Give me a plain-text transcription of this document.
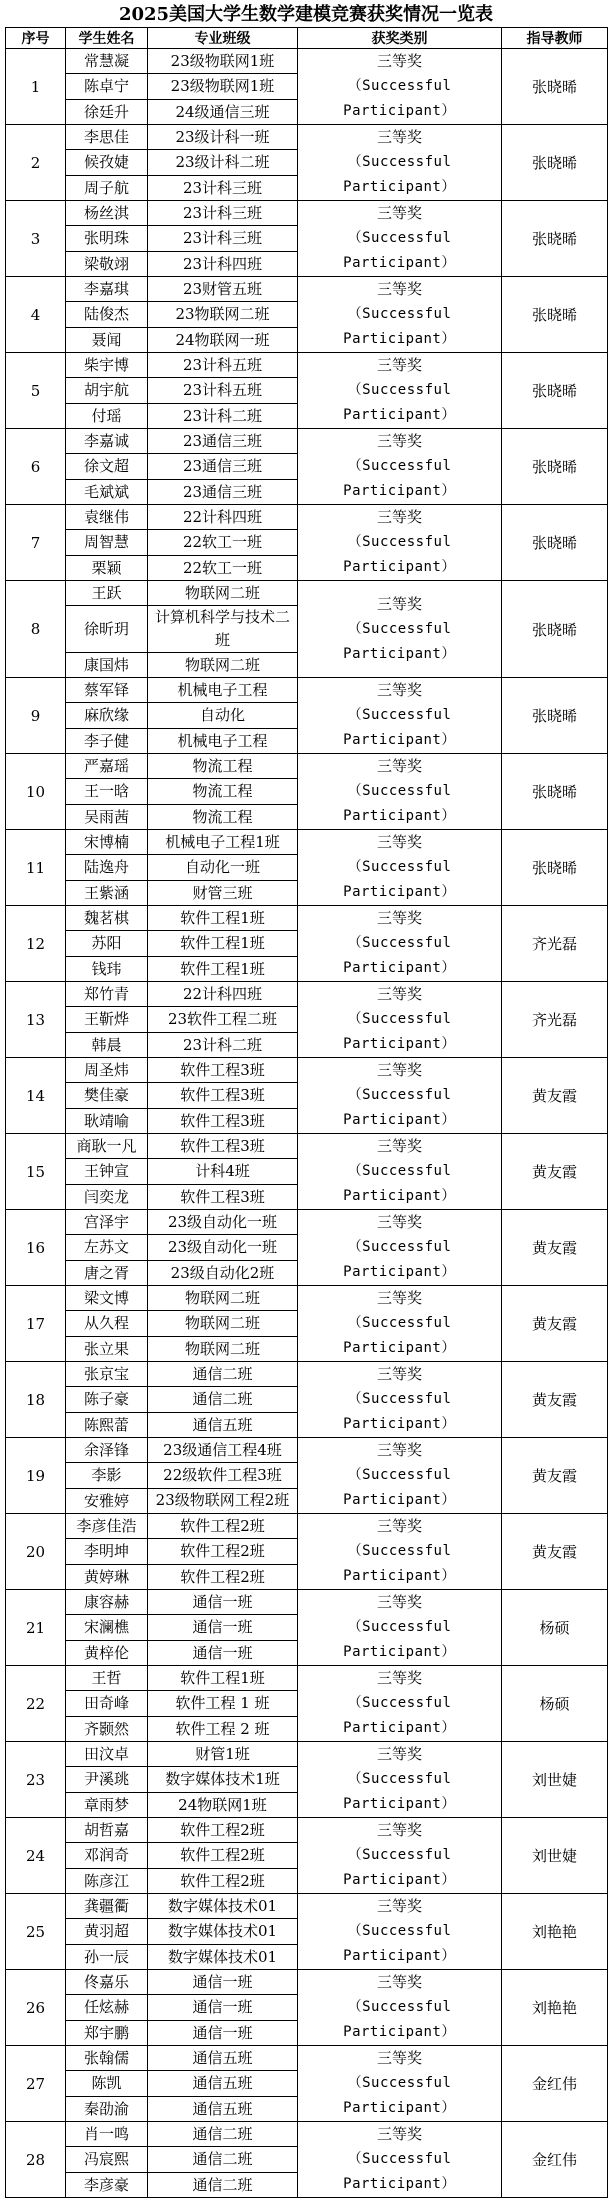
2025美国大学生数学建模竞赛获奖情况一览表
序号	学生姓名	专业班级	获奖类别	指导教师
1	常慧凝	23级物联网1班	三等奖
（Successful
Participant）	张晓晞
	陈卓宁	23级物联网1班		
	徐廷升	24级通信三班		
2	李思佳	23级计科一班	三等奖
（Successful
Participant）	张晓晞
	候孜婕	23级计科二班		
	周子航	23计科三班		
3	杨丝淇	23计科三班	三等奖
（Successful
Participant）	张晓晞
	张明珠	23计科三班		
	梁敬翊	23计科四班		
4	李嘉琪	23财管五班	三等奖
（Successful
Participant）	张晓晞
	陆俊杰	23物联网二班		
	聂闻	24物联网一班		
5	柴宇博	23计科五班	三等奖
（Successful
Participant）	张晓晞
	胡宇航	23计科五班		
	付瑶	23计科二班		
6	李嘉诚	23通信三班	三等奖
（Successful
Participant）	张晓晞
	徐文超	23通信三班		
	毛斌斌	23通信三班		
7	袁继伟	22计科四班	三等奖
（Successful
Participant）	张晓晞
	周智慧	22软工一班		
	栗颖	22软工一班		
8	王跃	物联网二班	三等奖
（Successful
Participant）	张晓晞
	徐昕玥	计算机科学与技术二班		
	康国炜	物联网二班		
9	蔡军铎	机械电子工程	三等奖
（Successful
Participant）	张晓晞
	麻欣缘	自动化		
	李子健	机械电子工程		
10	严嘉瑶	物流工程	三等奖
（Successful
Participant）	张晓晞
	王一晗	物流工程		
	吴雨茜	物流工程		
11	宋博楠	机械电子工程1班	三等奖
（Successful
Participant）	张晓晞
	陆逸舟	自动化一班		
	王紫涵	财管三班		
12	魏茗棋	软件工程1班	三等奖
（Successful
Participant）	齐光磊
	苏阳	软件工程1班		
	钱玮	软件工程1班		
13	郑竹青	22计科四班	三等奖
（Successful
Participant）	齐光磊
	王靳烨	23软件工程二班		
	韩晨	23计科二班		
14	周圣炜	软件工程3班	三等奖
（Successful
Participant）	黄友霞
	樊佳豪	软件工程3班		
	耿靖喻	软件工程3班		
15	商耿一凡	软件工程3班	三等奖
（Successful
Participant）	黄友霞
	王钟宣	计科4班		
	闫奕龙	软件工程3班		
16	宫泽宇	23级自动化一班	三等奖
（Successful
Participant）	黄友霞
	左苏文	23级自动化一班		
	唐之胥	23级自动化2班		
17	梁文博	物联网二班	三等奖
（Successful
Participant）	黄友霞
	从久程	物联网二班		
	张立果	物联网二班		
18	张京宝	通信二班	三等奖
（Successful
Participant）	黄友霞
	陈子豪	通信二班		
	陈熙蕾	通信五班		
19	余泽锋	23级通信工程4班	三等奖
（Successful
Participant）	黄友霞
	李影	22级软件工程3班		
	安雅婷	23级物联网工程2班		
20	李彦佳浩	软件工程2班	三等奖
（Successful
Participant）	黄友霞
	李明坤	软件工程2班		
	黄婷琳	软件工程2班		
21	康容赫	通信一班	三等奖
（Successful
Participant）	杨硕
	宋澜樵	通信一班		
	黄梓伦	通信一班		
22	王哲	软件工程1班	三等奖
（Successful
Participant）	杨硕
	田奇峰	软件工程 1 班		
	齐颢然	软件工程 2 班		
23	田汶卓	财管1班	三等奖
（Successful
Participant）	刘世婕
	尹溪珧	数字媒体技术1班		
	章雨梦	24物联网1班		
24	胡哲嘉	软件工程2班	三等奖
（Successful
Participant）	刘世婕
	邓润奇	软件工程2班		
	陈彦江	软件工程2班		
25	龚疆衢	数字媒体技术01	三等奖
（Successful
Participant）	刘艳艳
	黄羽超	数字媒体技术01		
	孙一辰	数字媒体技术01		
26	佟嘉乐	通信一班	三等奖
（Successful
Participant）	刘艳艳
	任炫赫	通信一班		
	郑宇鹏	通信一班		
27	张翰儒	通信五班	三等奖
（Successful
Participant）	金红伟
	陈凯	通信五班		
	秦劭渝	通信五班		
28	肖一鸣	通信二班	三等奖
（Successful
Participant）	金红伟
	冯宸熙	通信二班		
	李彦豪	通信二班		
